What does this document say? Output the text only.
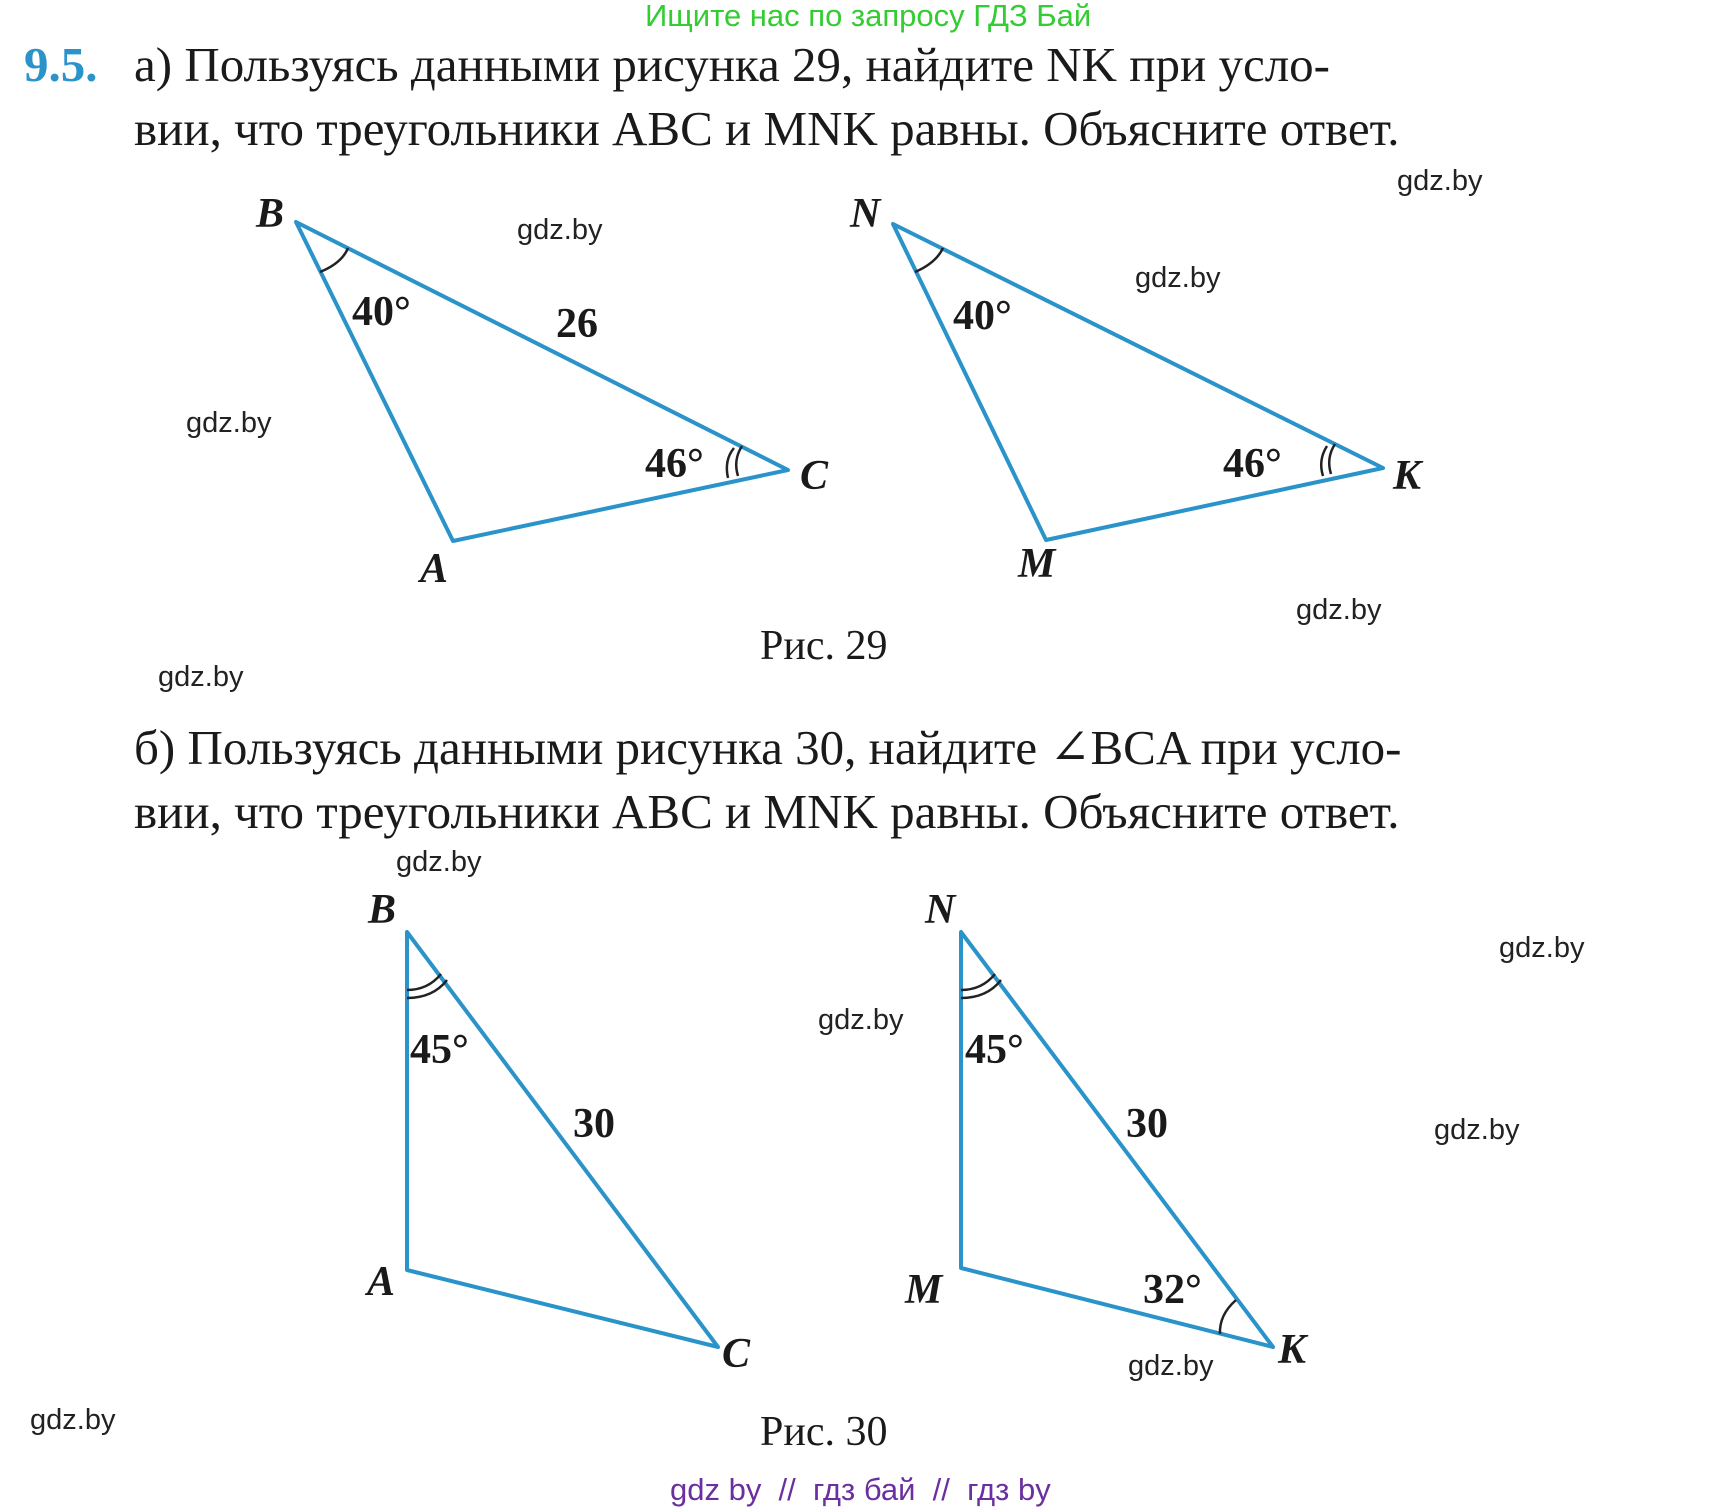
Ищите нас по запросу ГДЗ Бай
9.5. а) Пользуясь данными рисунка 29, найдите NK при усло-
вии, что треугольники ABC и MNK равны. Объясните ответ.
B
A
C
40°
46°
26
N
M
K
40°
46°
Рис. 29
б) Пользуясь данными рисунка 30, найдите ∠BCA при усло-
вии, что треугольники ABC и MNK равны. Объясните ответ.
B
A
C
45°
30
N
M
K
45°
30
32°
Рис. 30
gdz.by
gdz.by
gdz.by
gdz.by
gdz.by
gdz.by
gdz.by
gdz.by
gdz.by
gdz.by
gdz.by
gdz.by
gdz by  //  гдз бай  //  гдз by
